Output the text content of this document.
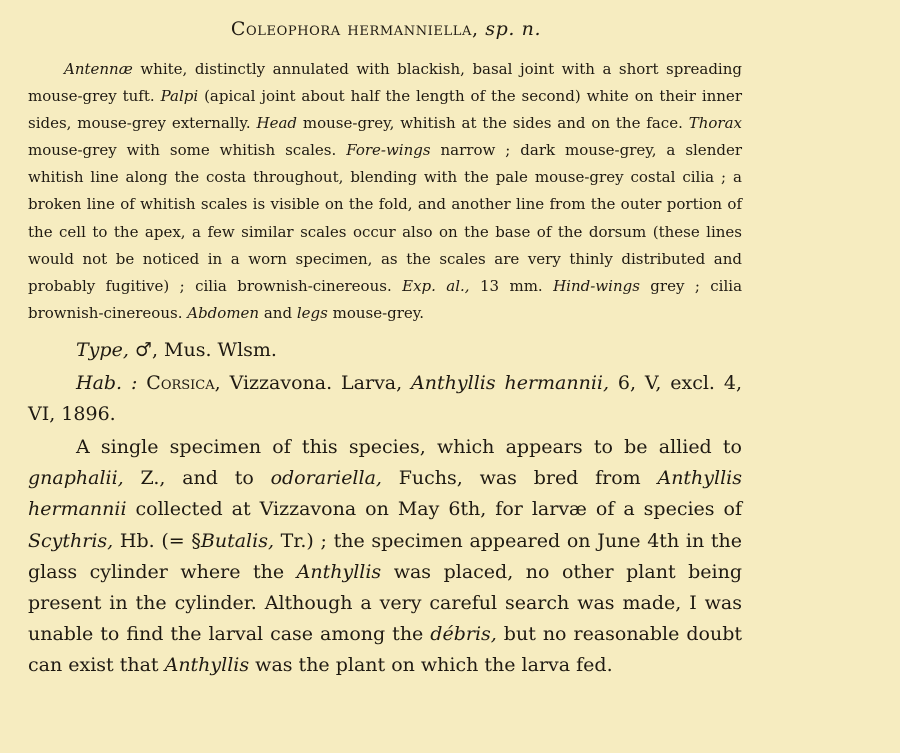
Coleophora hermanniella, sp. n.

Antennæ white, distinctly annulated with blackish, basal joint with a short spreading mouse-grey tuft. Palpi (apical joint about half the length of the second) white on their inner sides, mouse-grey externally. Head mouse-grey, whitish at the sides and on the face. Thorax mouse-grey with some whitish scales. Fore-wings narrow ; dark mouse-grey, a slender whitish line along the costa throughout, blending with the pale mouse-grey costal cilia ; a broken line of whitish scales is visible on the fold, and another line from the outer portion of the cell to the apex, a few similar scales occur also on the base of the dorsum (these lines would not be noticed in a worn specimen, as the scales are very thinly distributed and probably fugitive) ; cilia brownish-cinereous. Exp. al., 13 mm. Hind-wings grey ; cilia brownish-cinereous. Abdomen and legs mouse-grey.

Type, ♂, Mus. Wlsm.

Hab. : Corsica, Vizzavona. Larva, Anthyllis hermannii, 6, V, excl. 4, VI, 1896.

A single specimen of this species, which appears to be allied to gnaphalii, Z., and to odorariella, Fuchs, was bred from Anthyllis hermannii collected at Vizzavona on May 6th, for larvæ of a species of Scythris, Hb. (= §Butalis, Tr.) ; the specimen appeared on June 4th in the glass cylinder where the Anthyllis was placed, no other plant being present in the cylinder. Although a very careful search was made, I was unable to find the larval case among the débris, but no reasonable doubt can exist that Anthyllis was the plant on which the larva fed.
